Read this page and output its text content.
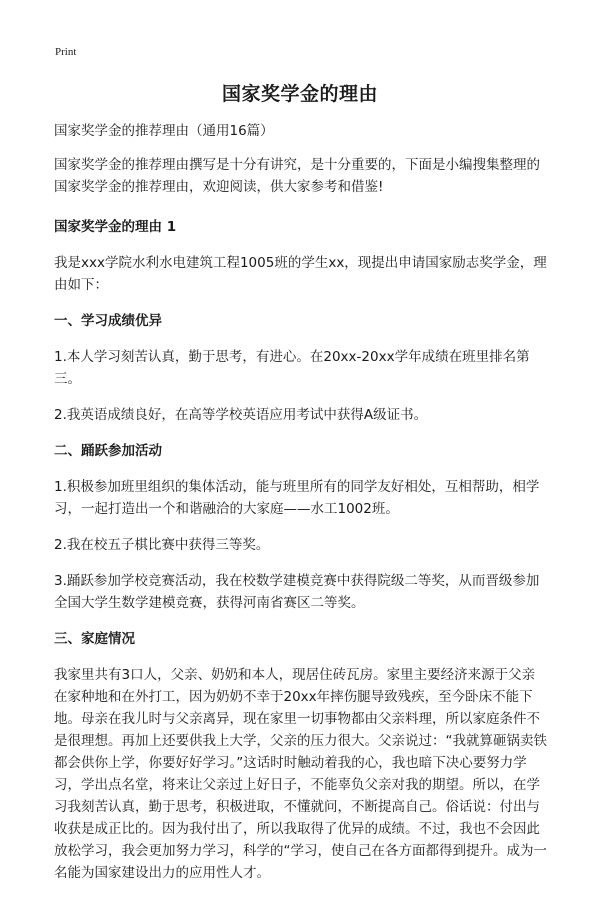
Print
国家奖学金的理由

国家奖学金的推荐理由（通用16篇）

国家奖学金的推荐理由撰写是十分有讲究，是十分重要的，下面是小编搜集整理的国家奖学金的推荐理由，欢迎阅读，供大家参考和借鉴!

国家奖学金的理由 1

我是xxx学院水利水电建筑工程1005班的学生xx，现提出申请国家励志奖学金，理由如下：

一、学习成绩优异

1.本人学习刻苦认真，勤于思考，有进心。在20xx-20xx学年成绩在班里排名第三。

2.我英语成绩良好，在高等学校英语应用考试中获得A级证书。

二、踊跃参加活动

1.积极参加班里组织的集体活动，能与班里所有的同学友好相处，互相帮助，相学习，一起打造出一个和谐融洽的大家庭——水工1002班。

2.我在校五子棋比赛中获得三等奖。

3.踊跃参加学校竞赛活动，我在校数学建模竞赛中获得院级二等奖，从而晋级参加全国大学生数学建模竞赛，获得河南省赛区二等奖。

三、家庭情况

我家里共有3口人，父亲、奶奶和本人，现居住砖瓦房。家里主要经济来源于父亲在家种地和在外打工，因为奶奶不幸于20xx年摔伤腿导致残疾，至今卧床不能下地。母亲在我儿时与父亲离异，现在家里一切事物都由父亲料理，所以家庭条件不是很理想。再加上还要供我上大学，父亲的压力很大。父亲说过：“我就算砸锅卖铁都会供你上学，你要好好学习。”这话时时触动着我的心，我也暗下决心要努力学习，学出点名堂，将来让父亲过上好日子，不能辜负父亲对我的期望。所以，在学习我刻苦认真，勤于思考，积极进取，不懂就问，不断提高自己。俗话说：付出与收获是成正比的。因为我付出了，所以我取得了优异的成绩。不过，我也不会因此放松学习，我会更加努力学习，科学的“学习，使自己在各方面都得到提升。成为一名能为国家建设出力的应用性人才。
